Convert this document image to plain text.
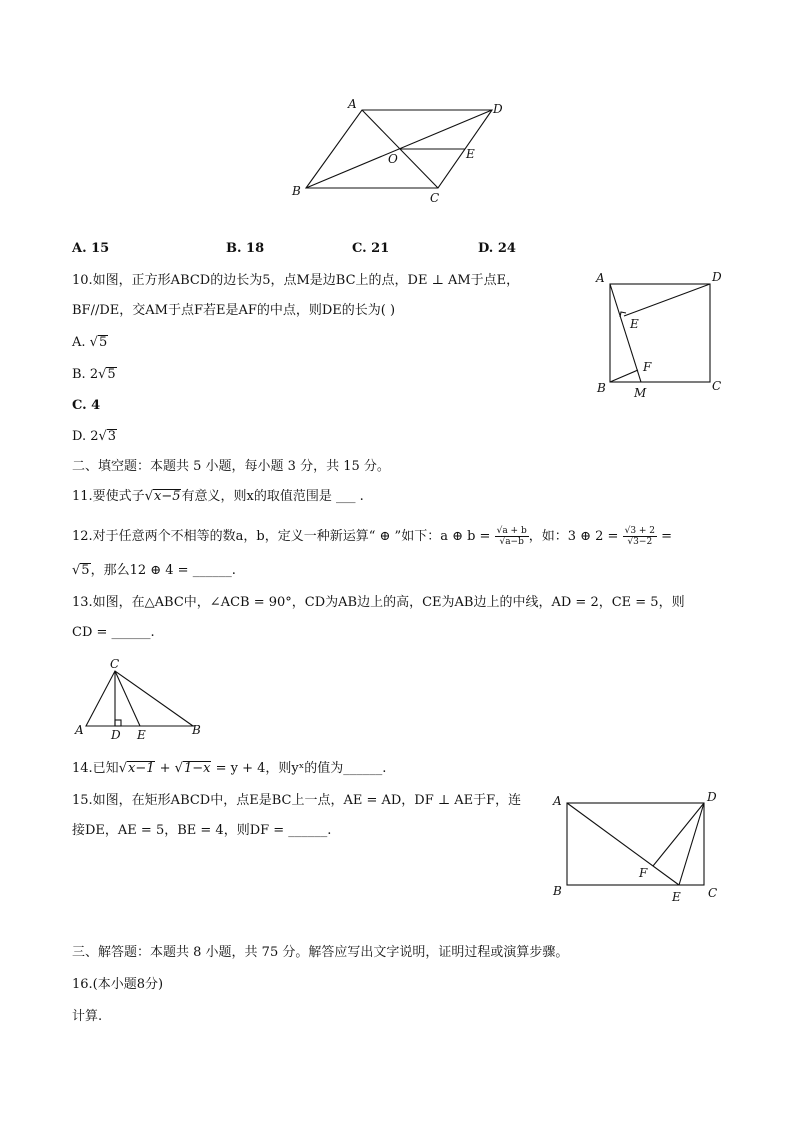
A	D
O	E
B	C
A. 15	B. 18	C. 21	D. 24
10.如图，正方形ABCD的边长为5，点M是边BC上的点，DE ⊥ AM于点E，
BF//DE，交AM于点F若E是AF的中点，则DE的长为( )
A. √5
B. 2√5
C. 4
D. 2√3
A	D
E
F
B M	C
二、填空题：本题共 5 小题，每小题 3 分，共 15 分。
11.要使式子√x−5有意义，则x的取值范围是 ___ .
12.对于任意两个不相等的数a，b，定义一种新运算“ ⊕ ”如下：a ⊕ $b = \frac{√a + b}{√a-b}$ ，如：3 ⊕ $2 = \frac{√3 + 2}{√3-2}$ =
√5，那么12 ⊕ 4 = ______.
13.如图，在△ABC中，∠ACB = 90°，CD为AB边上的高，CE为AB边上的中线，AD = 2，CE = 5，则
CD = ______.
C
A D E	B
14.已知√x−1 + √1−x = y + 4，则yˣ的值为______.
15.如图，在矩形ABCD中，点E是BC上一点，AE = AD，DF ⊥ AE于F，连
接DE，AE = 5，BE = 4，则DF = ______.
A	D
F
B	E C
三、解答题：本题共 8 小题，共 75 分。解答应写出文字说明，证明过程或演算步骤。
16.(本小题8分)
计算.
